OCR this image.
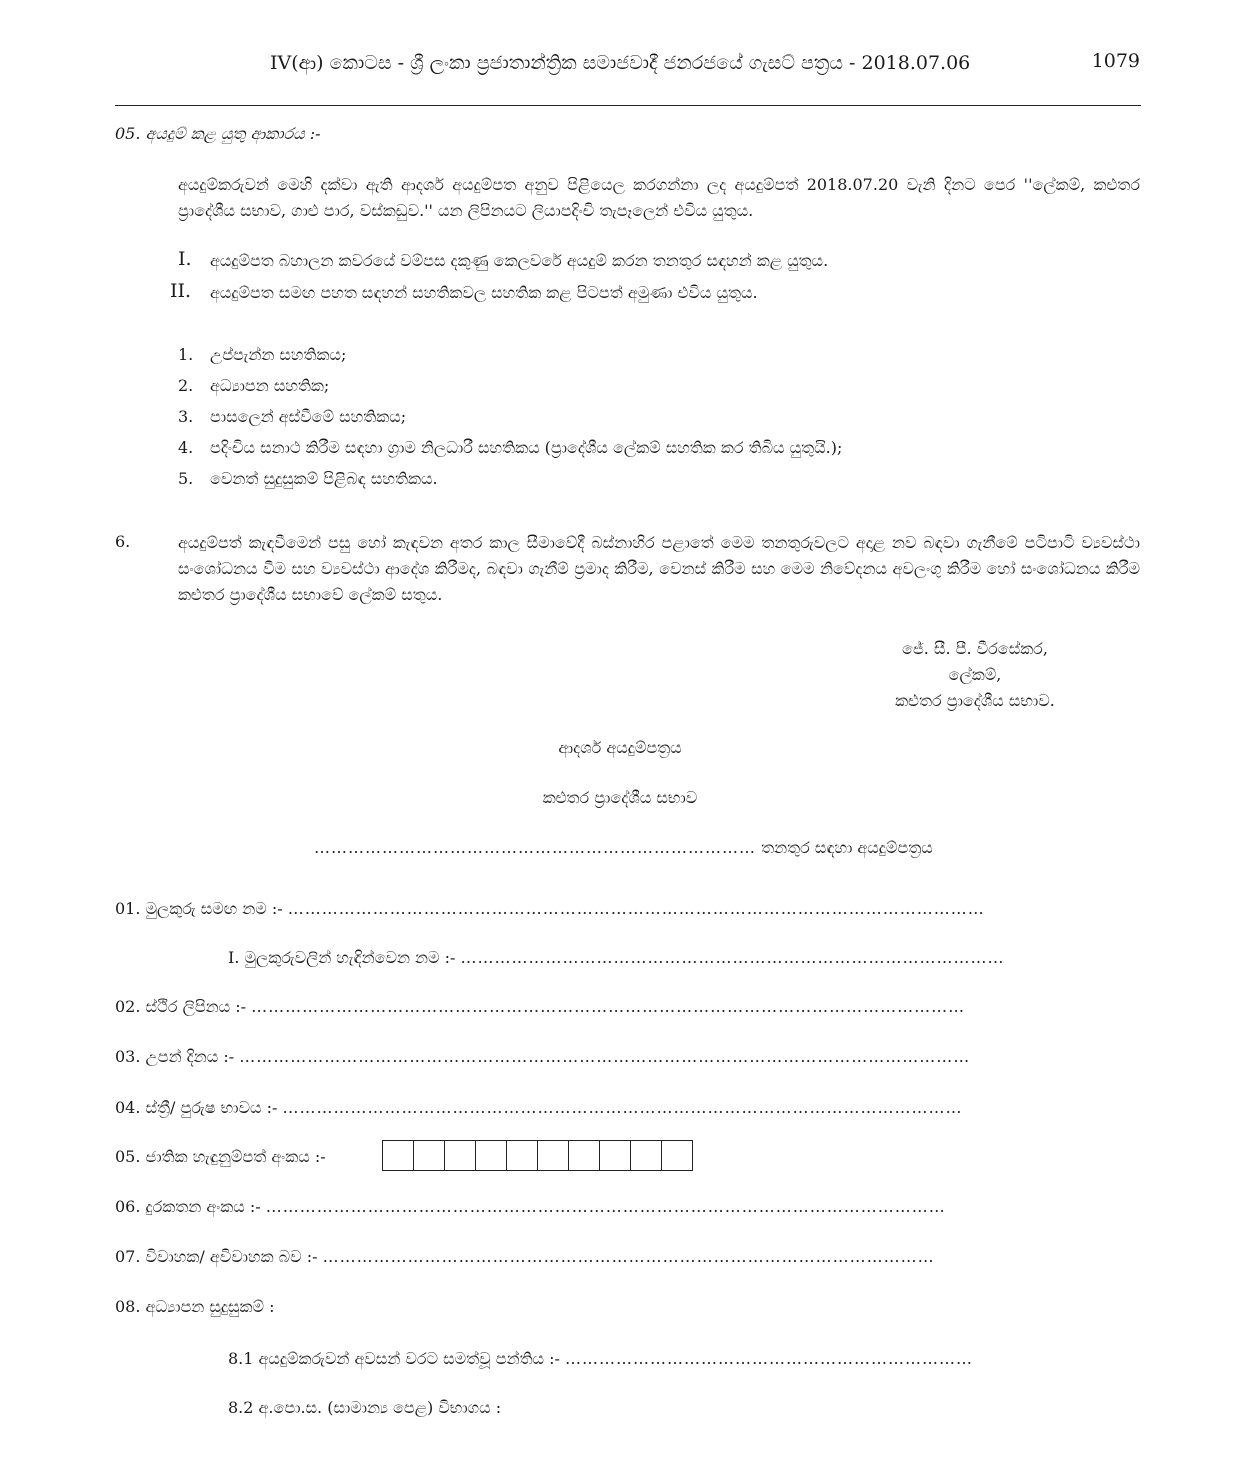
IV(ආ) කොටස - ශ්‍රී ලංකා ප්‍රජාතාන්ත්‍රික සමාජවාදී ජනරජයේ ගැසට් පත්‍රය - 2018.07.06	1079
05. අයදුම් කළ යුතු ආකාරය :-
අයදුම්කරුවන් මෙහි දක්වා ඇති ආදර්ශ අයදුම්පත අනුව පිළියෙල කරගන්නා ලද අයදුම්පත් 2018.07.20 වැනි දිනට පෙර ''ලේකම්, කළුතර ප්‍රාදේශීය සභාව, ගාළු පාර, වස්කඩුව.'' යන ලිපිනයට ලියාපදිංචි තැපෑලෙන් එවිය යුතුය.
I. අයදුම්පත බහාලන කවරයේ වම්පස දකුණු කෙලවරේ අයදුම් කරන තනතුර සඳහන් කළ යුතුය.
II. අයදුම්පත සමඟ පහත සඳහන් සහතිකවල සහතික කළ පිටපත් අමුණා එවිය යුතුය.
1. උප්පැන්න සහතිකය;
2. අධ්‍යාපන සහතික;
3. පාසලෙන් අස්වීමේ සහතිකය;
4. පදිංචිය සනාථ කිරීම සඳහා ග්‍රාම නිලධාරී සහතිකය (ප්‍රාදේශීය ලේකම් සහතික කර තිබිය යුතුයි.);
5. වෙනත් සුදුසුකම් පිළිබඳ සහතිකය.
6.	අයදුම්පත් කැඳවීමෙන් පසු හෝ කැඳවන අතර කාල සීමාවේදී බස්නාහිර පළාතේ මෙම තනතුරුවලට අදාළ නව බඳවා ගැනීමේ පටිපාටි ව්‍යවස්ථා සංශෝධනය වීම සහ ව්‍යවස්ථා ආදේශ කිරීමද, බඳවා ගැනීම් ප්‍රමාද කිරීම, වෙනස් කිරීම සහ මෙම නිවේදනය අවලංගු කිරීම හෝ සංශෝධනය කිරීම කළුතර ප්‍රාදේශීය සභාවේ ලේකම් සතුය.
ජේ. සී. පී. වීරසේකර,
ලේකම්,
කළුතර ප්‍රාදේශීය සභාව.
ආදර්ශ අයදුම්පත්‍රය
කළුතර ප්‍රාදේශීය සභාව
…………………………………………………………………… තනතුර සඳහා අයදුම්පත්‍රය
01. මුලකුරු සමඟ නම :- ……………………………………………………………………………………………………………
I. මුලකුරුවලින් හැඳින්වෙන නම :- ……………………………………………………………………………………
02. ස්ථිර ලිපිනය :- ………………………………………………………………………………………………………………
03. උපන් දිනය :- …………………………………………………………………………………………………………………
04. ස්ත්‍රී/ පුරුෂ භාවය :- …………………………………………………………………………………………………………
05. ජාතික හැඳුනුම්පත් අංකය :-
06. දුරකතන අංකය :- …………………………………………………………………………………………………………
07. විවාහක/ අවිවාහක බව :- ………………………………………………………………………………………………
08. අධ්‍යාපන සුදුසුකම් :
8.1 අයදුම්කරුවන් අවසන් වරට සමත්වූ පන්තිය :- ………………………………………………………………
8.2 අ.පො.ස. (සාමාන්‍ය පෙළ) විභාගය :
